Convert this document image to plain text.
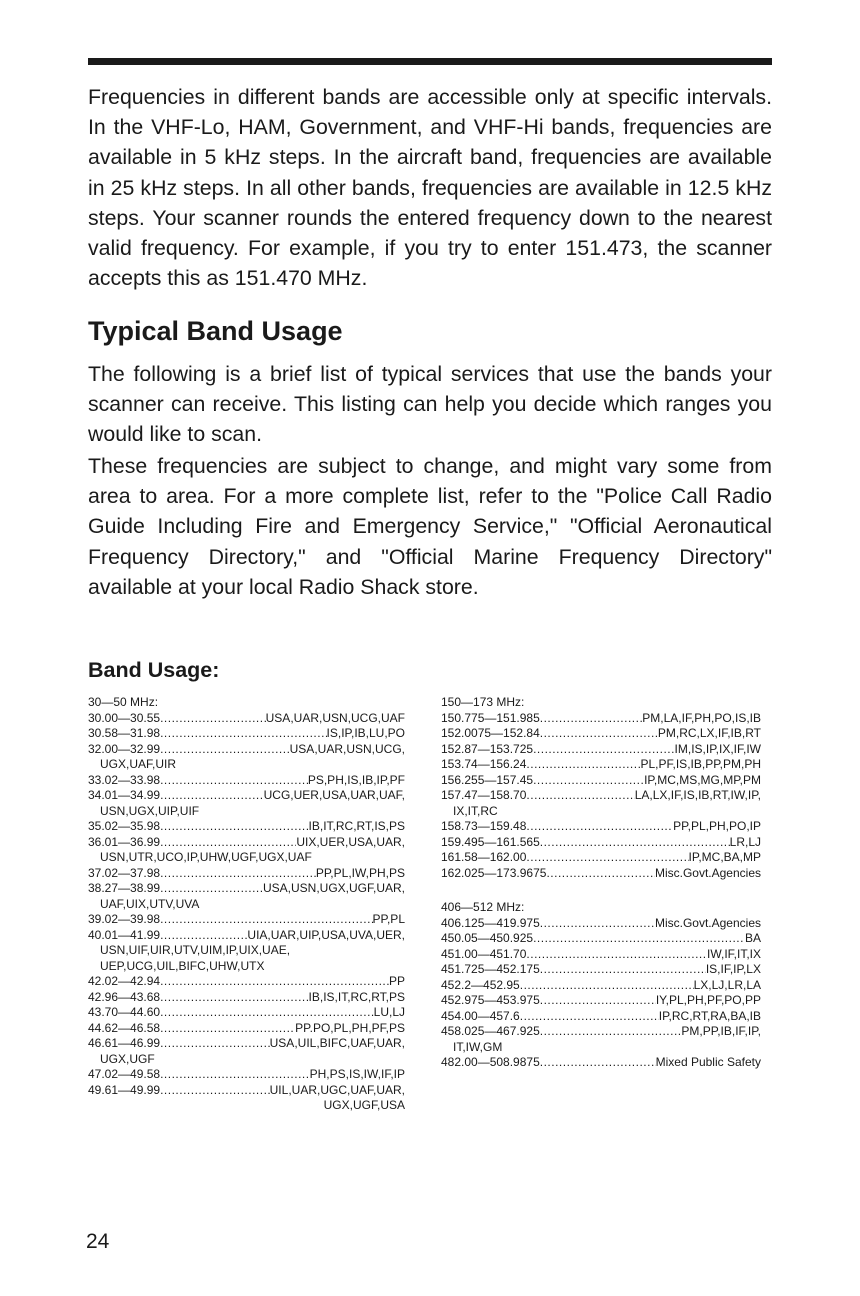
Frequencies in different bands are accessible only at specific intervals. In the VHF-Lo, HAM, Government, and VHF-Hi bands, frequencies are available in 5 kHz steps. In the aircraft band, frequencies are available in 25 kHz steps. In all other bands, frequencies are available in 12.5 kHz steps. Your scanner rounds the entered frequency down to the nearest valid frequency. For example, if you try to enter 151.473, the scanner accepts this as 151.470 MHz.

Typical Band Usage

The following is a brief list of typical services that use the bands your scanner can receive. This listing can help you decide which ranges you would like to scan.

These frequencies are subject to change, and might vary some from area to area. For a more complete list, refer to the "Police Call Radio Guide Including Fire and Emergency Service," "Official Aeronautical Frequency Directory," and "Official Marine Frequency Directory" available at your local Radio Shack store.

Band Usage:
30—50 MHz:
30.00—30.55 .....	USA,UAR,USN,UCG,UAF
30.58—31.98 .....	IS,IP,IB,LU,PO
32.00—32.99 .....	USA,UAR,USN,UCG,
UGX,UAF,UIR
33.02—33.98 .....	PS,PH,IS,IB,IP,PF
34.01—34.99 .....	UCG,UER,USA,UAR,UAF,
USN,UGX,UIP,UIF
35.02—35.98 .....	IB,IT,RC,RT,IS,PS
36.01—36.99 .....	UIX,UER,USA,UAR,
USN,UTR,UCO,IP,UHW,UGF,UGX,UAF
37.02—37.98 .....	PP,PL,IW,PH,PS
38.27—38.99 .....	USA,USN,UGX,UGF,UAR,
UAF,UIX,UTV,UVA
39.02—39.98 .....	PP,PL
40.01—41.99 .....	UIA,UAR,UIP,USA,UVA,UER,
USN,UIF,UIR,UTV,UIM,IP,UIX,UAE,
UEP,UCG,UIL,BIFC,UHW,UTX
42.02—42.94 .....	PP
42.96—43.68 .....	IB,IS,IT,RC,RT,PS
43.70—44.60 .....	LU,LJ
44.62—46.58 .....	PP.PO,PL,PH,PF,PS
46.61—46.99 .....	USA,UIL,BIFC,UAF,UAR,
UGX,UGF
47.02—49.58 .....	PH,PS,IS,IW,IF,IP
49.61—49.99 .....	UIL,UAR,UGC,UAF,UAR,
UGX,UGF,USA
150—173 MHz:
150.775—151.985 .....	PM,LA,IF,PH,PO,IS,IB
152.0075—152.84 .....	PM,RC,LX,IF,IB,RT
152.87—153.725 .....	IM,IS,IP,IX,IF,IW
153.74—156.24 .....	PL,PF,IS,IB,PP,PM,PH
156.255—157.45 .....	IP,MC,MS,MG,MP,PM
157.47—158.70 .....	LA,LX,IF,IS,IB,RT,IW,IP,
IX,IT,RC
158.73—159.48 .....	PP,PL,PH,PO,IP
159.495—161.565 .....	LR,LJ
161.58—162.00 .....	IP,MC,BA,MP
162.025—173.9675 .....	Misc.Govt.Agencies
406—512 MHz:
406.125—419.975 .....	Misc.Govt.Agencies
450.05—450.925 .....	BA
451.00—451.70 .....	IW,IF,IT,IX
451.725—452.175 .....	IS,IF,IP,LX
452.2—452.95 .....	LX,LJ,LR,LA
452.975—453.975 .....	IY,PL,PH,PF,PO,PP
454.00—457.6 .....	IP,RC,RT,RA,BA,IB
458.025—467.925 .....	PM,PP,IB,IF,IP,
IT,IW,GM
482.00—508.9875 .....	Mixed Public Safety
24
